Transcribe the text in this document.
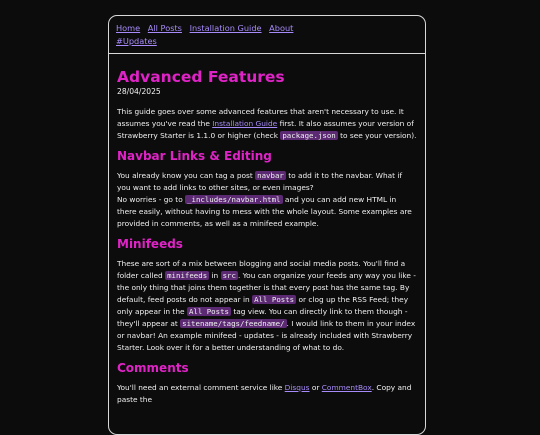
Home All Posts Installation Guide About
#Updates
Advanced Features
28/04/2025

This guide goes over some advanced features that aren't necessary to use. It assumes you've read the Installation Guide first. It also assumes your version of Strawberry Starter is 1.1.0 or higher (check package.json to see your version).

Navbar Links & Editing

You already know you can tag a post navbar to add it to the navbar. What if you want to add links to other sites, or even images?
No worries - go to _includes/navbar.html and you can add new HTML in there easily, without having to mess with the whole layout. Some examples are provided in comments, as well as a minifeed example.

Minifeeds

These are sort of a mix between blogging and social media posts. You'll find a folder called minifeeds in src . You can organize your feeds any way you like - the only thing that joins them together is that every post has the same tag. By default, feed posts do not appear in All Posts or clog up the RSS Feed; they only appear in the All Posts tag view. You can directly link to them though - they'll appear at sitename/tags/feedname/ . I would link to them in your index or navbar! An example minifeed - updates - is already included with Strawberry Starter. Look over it for a better understanding of what to do.

Comments

You'll need an external comment service like Disqus or CommentBox. Copy and paste the
